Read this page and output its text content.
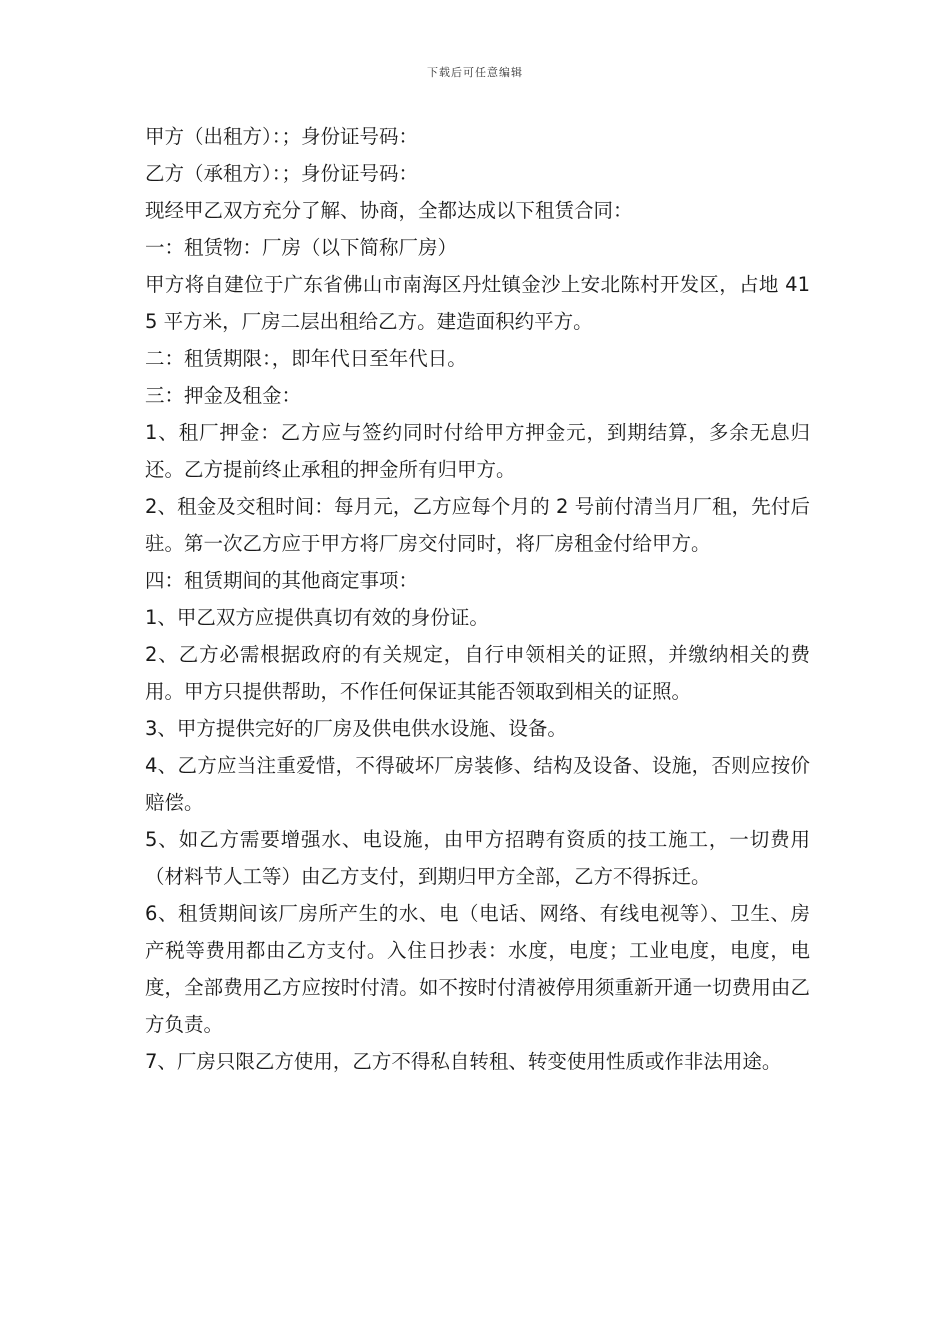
下载后可任意编辑

甲方（出租方）：；身份证号码：

乙方（承租方）：；身份证号码：

现经甲乙双方充分了解、协商，全都达成以下租赁合同：

一：租赁物：厂房（以下简称厂房）

甲方将自建位于广东省佛山市南海区丹灶镇金沙上安北陈村开发区，占地 415 平方米，厂房二层出租给乙方。建造面积约平方。

二：租赁期限：，即年代日至年代日。

三：押金及租金：

1、租厂押金：乙方应与签约同时付给甲方押金元，到期结算，多余无息归还。乙方提前终止承租的押金所有归甲方。

2、租金及交租时间：每月元，乙方应每个月的 2 号前付清当月厂租，先付后驻。第一次乙方应于甲方将厂房交付同时，将厂房租金付给甲方。

四：租赁期间的其他商定事项：

1、甲乙双方应提供真切有效的身份证。

2、乙方必需根据政府的有关规定，自行申领相关的证照，并缴纳相关的费用。甲方只提供帮助，不作任何保证其能否领取到相关的证照。

3、甲方提供完好的厂房及供电供水设施、设备。

4、乙方应当注重爱惜，不得破坏厂房装修、结构及设备、设施，否则应按价赔偿。

5、如乙方需要增强水、电设施，由甲方招聘有资质的技工施工，一切费用（材料节人工等）由乙方支付，到期归甲方全部，乙方不得拆迁。

6、租赁期间该厂房所产生的水、电（电话、网络、有线电视等）、卫生、房产税等费用都由乙方支付。入住日抄表：水度，电度；工业电度，电度，电度，全部费用乙方应按时付清。如不按时付清被停用须重新开通一切费用由乙方负责。

7、厂房只限乙方使用，乙方不得私自转租、转变使用性质或作非法用途。
